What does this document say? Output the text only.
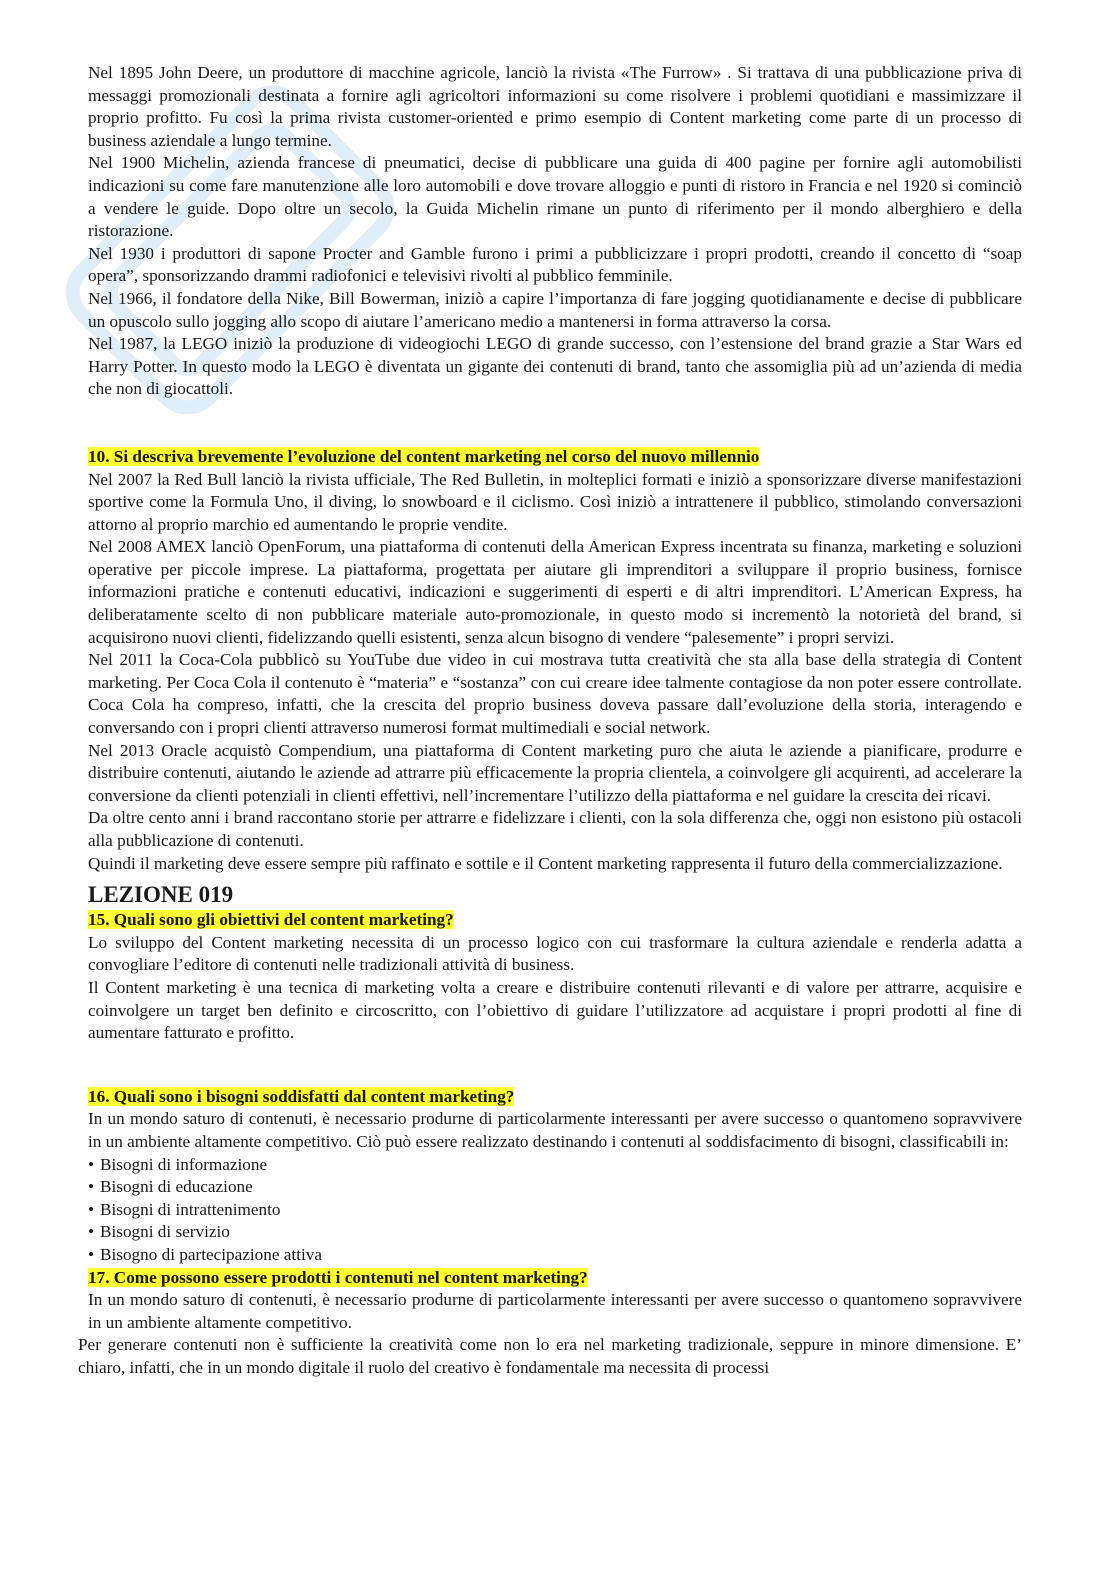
Nel 1895 John Deere, un produttore di macchine agricole, lanciò la rivista «The Furrow» . Si trattava di una pubblicazione priva di messaggi promozionali destinata a fornire agli agricoltori informazioni su come risolvere i problemi quotidiani e massimizzare il proprio profitto. Fu così la prima rivista customer-oriented e primo esempio di Content marketing come parte di un processo di business aziendale a lungo termine.

Nel 1900 Michelin, azienda francese di pneumatici, decise di pubblicare una guida di 400 pagine per fornire agli automobilisti indicazioni su come fare manutenzione alle loro automobili e dove trovare alloggio e punti di ristoro in Francia e nel 1920 si cominciò a vendere le guide. Dopo oltre un secolo, la Guida Michelin rimane un punto di riferimento per il mondo alberghiero e della ristorazione.

Nel 1930 i produttori di sapone Procter and Gamble furono i primi a pubblicizzare i propri prodotti, creando il concetto di “soap opera”, sponsorizzando drammi radiofonici e televisivi rivolti al pubblico femminile.

Nel 1966, il fondatore della Nike, Bill Bowerman, iniziò a capire l’importanza di fare jogging quotidianamente e decise di pubblicare un opuscolo sullo jogging allo scopo di aiutare l’americano medio a mantenersi in forma attraverso la corsa.

Nel 1987, la LEGO iniziò la produzione di videogiochi LEGO di grande successo, con l’estensione del brand grazie a Star Wars ed Harry Potter. In questo modo la LEGO è diventata un gigante dei contenuti di brand, tanto che assomiglia più ad un’azienda di media che non di giocattoli.

10. Si descriva brevemente l’evoluzione del content marketing nel corso del nuovo millennio

Nel 2007 la Red Bull lanciò la rivista ufficiale, The Red Bulletin, in molteplici formati e iniziò a sponsorizzare diverse manifestazioni sportive come la Formula Uno, il diving, lo snowboard e il ciclismo. Così iniziò a intrattenere il pubblico, stimolando conversazioni attorno al proprio marchio ed aumentando le proprie vendite.

Nel 2008 AMEX lanciò OpenForum, una piattaforma di contenuti della American Express incentrata su finanza, marketing e soluzioni operative per piccole imprese. La piattaforma, progettata per aiutare gli imprenditori a sviluppare il proprio business, fornisce informazioni pratiche e contenuti educativi, indicazioni e suggerimenti di esperti e di altri imprenditori. L’American Express, ha deliberatamente scelto di non pubblicare materiale auto-promozionale, in questo modo si incrementò la notorietà del brand, si acquisirono nuovi clienti, fidelizzando quelli esistenti, senza alcun bisogno di vendere “palesemente” i propri servizi.

Nel 2011 la Coca-Cola pubblicò su YouTube due video in cui mostrava tutta creatività che sta alla base della strategia di Content marketing. Per Coca Cola il contenuto è “materia” e “sostanza” con cui creare idee talmente contagiose da non poter essere controllate. Coca Cola ha compreso, infatti, che la crescita del proprio business doveva passare dall’evoluzione della storia, interagendo e conversando con i propri clienti attraverso numerosi format multimediali e social network.

Nel 2013 Oracle acquistò Compendium, una piattaforma di Content marketing puro che aiuta le aziende a pianificare, produrre e distribuire contenuti, aiutando le aziende ad attrarre più efficacemente la propria clientela, a coinvolgere gli acquirenti, ad accelerare la conversione da clienti potenziali in clienti effettivi, nell’incrementare l’utilizzo della piattaforma e nel guidare la crescita dei ricavi.

Da oltre cento anni i brand raccontano storie per attrarre e fidelizzare i clienti, con la sola differenza che, oggi non esistono più ostacoli alla pubblicazione di contenuti.

Quindi il marketing deve essere sempre più raffinato e sottile e il Content marketing rappresenta il futuro della commercializzazione.

LEZIONE 019

15. Quali sono gli obiettivi del content marketing?

Lo sviluppo del Content marketing necessita di un processo logico con cui trasformare la cultura aziendale e renderla adatta a convogliare l’editore di contenuti nelle tradizionali attività di business.

Il Content marketing è una tecnica di marketing volta a creare e distribuire contenuti rilevanti e di valore per attrarre, acquisire e coinvolgere un target ben definito e circoscritto, con l’obiettivo di guidare l’utilizzatore ad acquistare i propri prodotti al fine di aumentare fatturato e profitto.

16. Quali sono i bisogni soddisfatti dal content marketing?

In un mondo saturo di contenuti, è necessario produrne di particolarmente interessanti per avere successo o quantomeno sopravvivere in un ambiente altamente competitivo. Ciò può essere realizzato destinando i contenuti al soddisfacimento di bisogni, classificabili in:

• Bisogni di informazione
• Bisogni di educazione
• Bisogni di intrattenimento
• Bisogni di servizio
• Bisogno di partecipazione attiva

17. Come possono essere prodotti i contenuti nel content marketing?

In un mondo saturo di contenuti, è necessario produrne di particolarmente interessanti per avere successo o quantomeno sopravvivere in un ambiente altamente competitivo.

Per generare contenuti non è sufficiente la creatività come non lo era nel marketing tradizionale, seppure in minore dimensione. E’ chiaro, infatti, che in un mondo digitale il ruolo del creativo è fondamentale ma necessita di processi
